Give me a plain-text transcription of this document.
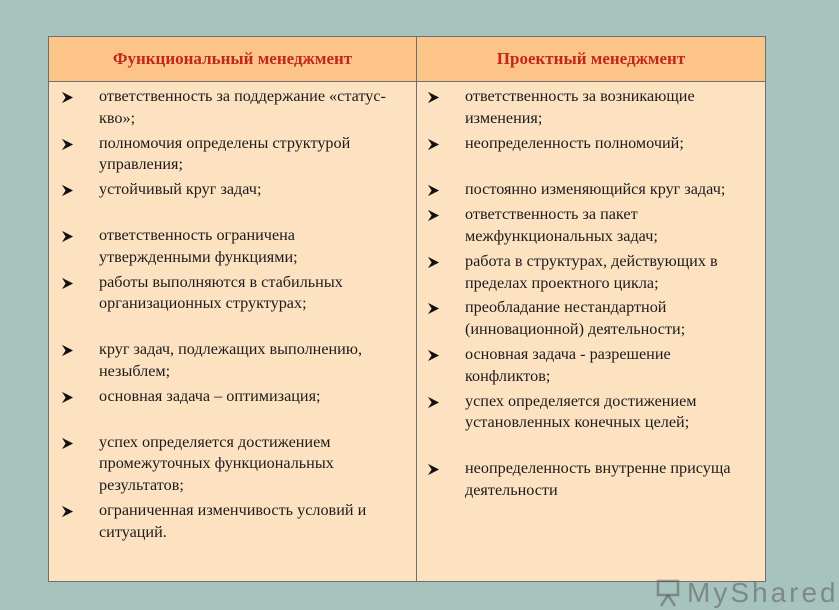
Функциональный менеджмент	Проектный менеджмент
ответственность за поддержание «статус-кво»;
полномочия определены структурой управления;
устойчивый круг задач;
ответственность ограничена утвержденными функциями;
работы выполняются в стабильных организационных структурах;
круг задач, подлежащих выполнению, незыблем;
основная задача – оптимизация;
успех определяется достижением промежуточных функциональных результатов;
ограниченная изменчивость условий и ситуаций.
ответственность за возникающие изменения;
неопределенность полномочий;
постоянно изменяющийся круг задач;
ответственность за пакет межфункциональных задач;
работа в структурах, действующих в пределах проектного цикла;
преобладание нестандартной (инновационной) деятельности;
основная задача - разрешение конфликтов;
успех определяется достижением установленных конечных целей;
неопределенность внутренне присуща деятельности
MyShared
